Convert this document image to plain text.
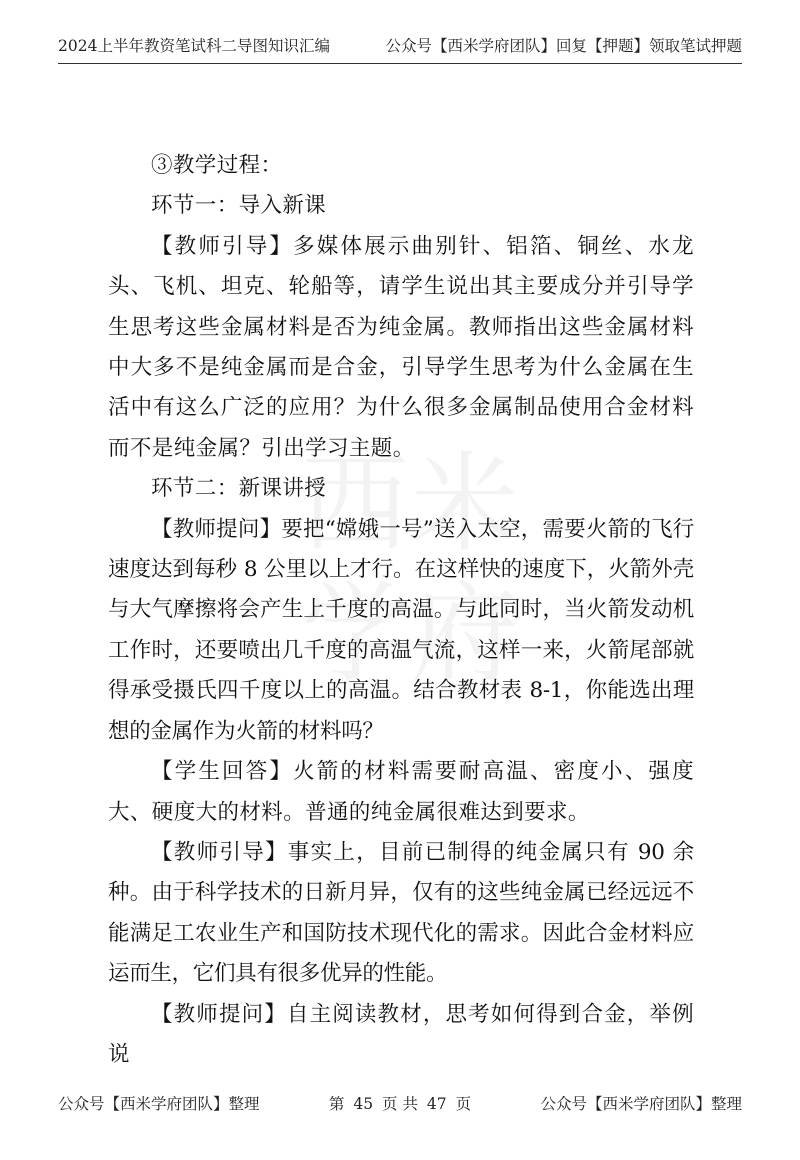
2024上半年教资笔试科二导图知识汇编	公众号【西米学府团队】回复【押题】领取笔试押题
西 米
学 府

③教学过程：

环节一：导入新课

【教师引导】多媒体展示曲别针、铝箔、铜丝、水龙头、飞机、坦克、轮船等，请学生说出其主要成分并引导学生思考这些金属材料是否为纯金属。教师指出这些金属材料中大多不是纯金属而是合金，引导学生思考为什么金属在生活中有这么广泛的应用？为什么很多金属制品使用合金材料而不是纯金属？引出学习主题。

环节二：新课讲授

【教师提问】要把“嫦娥一号”送入太空，需要火箭的飞行速度达到每秒 8 公里以上才行。在这样快的速度下，火箭外壳与大气摩擦将会产生上千度的高温。与此同时，当火箭发动机工作时，还要喷出几千度的高温气流，这样一来，火箭尾部就得承受摄氏四千度以上的高温。结合教材表 8-1，你能选出理想的金属作为火箭的材料吗？

【学生回答】火箭的材料需要耐高温、密度小、强度大、硬度大的材料。普通的纯金属很难达到要求。

【教师引导】事实上，目前已制得的纯金属只有 90 余种。由于科学技术的日新月异，仅有的这些纯金属已经远远不能满足工农业生产和国防技术现代化的需求。因此合金材料应运而生，它们具有很多优异的性能。

【教师提问】自主阅读教材，思考如何得到合金，举例说

公众号【西米学府团队】整理	第 45 页 共 47 页	公众号【西米学府团队】整理
